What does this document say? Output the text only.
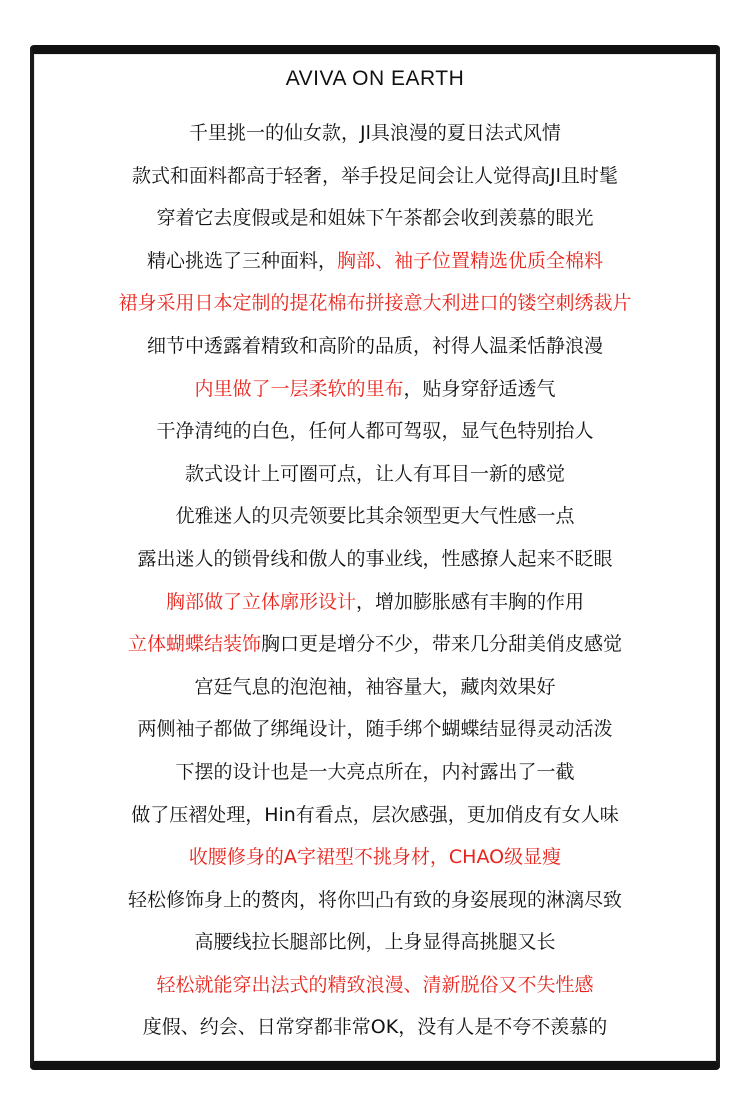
AVIVA ON EARTH
千里挑一的仙女款，Jl具浪漫的夏日法式风情
款式和面料都高于轻奢，举手投足间会让人觉得高Jl且时髦
穿着它去度假或是和姐妹下午茶都会收到羡慕的眼光
精心挑选了三种面料，胸部、袖子位置精选优质全棉料
裙身采用日本定制的提花棉布拼接意大利进口的镂空刺绣裁片
细节中透露着精致和高阶的品质，衬得人温柔恬静浪漫
内里做了一层柔软的里布，贴身穿舒适透气
干净清纯的白色，任何人都可驾驭，显气色特别抬人
款式设计上可圈可点，让人有耳目一新的感觉
优雅迷人的贝壳领要比其余领型更大气性感一点
露出迷人的锁骨线和傲人的事业线，性感撩人起来不眨眼
胸部做了立体廓形设计，增加膨胀感有丰胸的作用
立体蝴蝶结装饰胸口更是增分不少，带来几分甜美俏皮感觉
宫廷气息的泡泡袖，袖容量大，藏肉效果好
两侧袖子都做了绑绳设计，随手绑个蝴蝶结显得灵动活泼
下摆的设计也是一大亮点所在，内衬露出了一截
做了压褶处理，Hin有看点，层次感强，更加俏皮有女人味
收腰修身的A字裙型不挑身材，CHAO级显瘦
轻松修饰身上的赘肉，将你凹凸有致的身姿展现的淋漓尽致
高腰线拉长腿部比例，上身显得高挑腿又长
轻松就能穿出法式的精致浪漫、清新脱俗又不失性感
度假、约会、日常穿都非常OK，没有人是不夸不羡慕的
